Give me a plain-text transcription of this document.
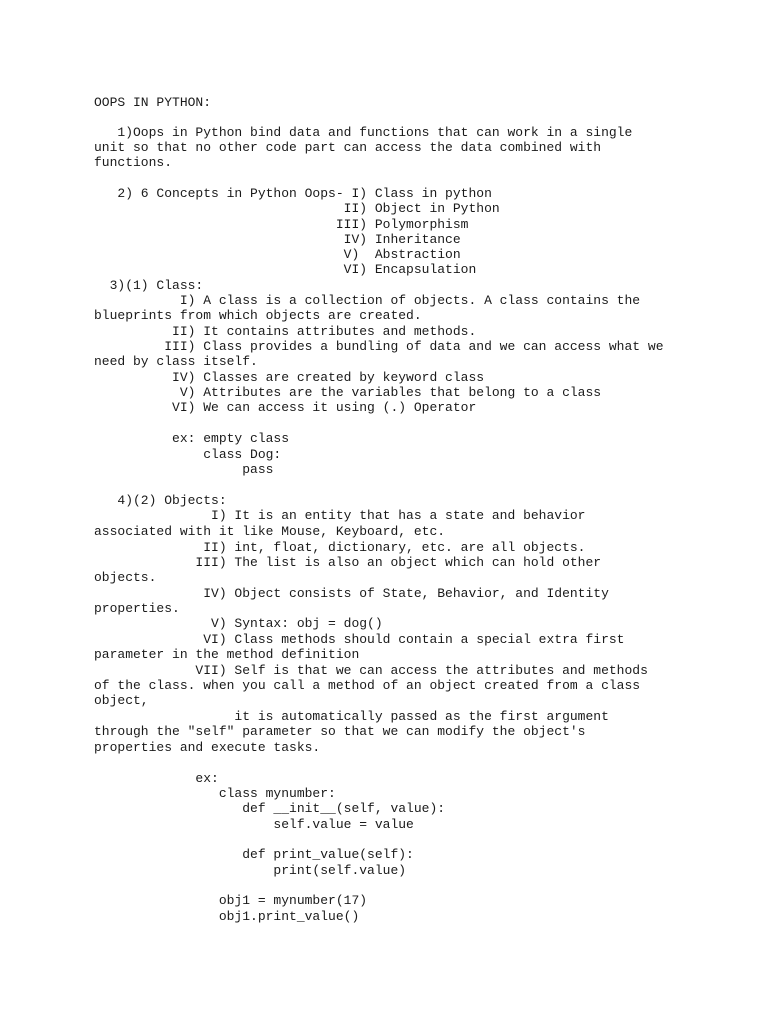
OOPS IN PYTHON:

1)Oops in Python bind data and functions that can work in a single

unit so that no other code part can access the data combined with

functions.

2) 6 Concepts in Python Oops- I) Class in python

II) Object in Python

III) Polymorphism

IV) Inheritance

V)  Abstraction

VI) Encapsulation

3)(1) Class:

I) A class is a collection of objects. A class contains the

blueprints from which objects are created.

II) It contains attributes and methods.

III) Class provides a bundling of data and we can access what we

need by class itself.

IV) Classes are created by keyword class

V) Attributes are the variables that belong to a class

VI) We can access it using (.) Operator

ex: empty class

class Dog:

pass

4)(2) Objects:

I) It is an entity that has a state and behavior

associated with it like Mouse, Keyboard, etc.

II) int, float, dictionary, etc. are all objects.

III) The list is also an object which can hold other

objects.

IV) Object consists of State, Behavior, and Identity

properties.

V) Syntax: obj = dog()

VI) Class methods should contain a special extra first

parameter in the method definition

VII) Self is that we can access the attributes and methods

of the class. when you call a method of an object created from a class

object,

it is automatically passed as the first argument

through the "self" parameter so that we can modify the object's

properties and execute tasks.

ex:

class mynumber:

def __init__(self, value):

self.value = value

def print_value(self):

print(self.value)

obj1 = mynumber(17)

obj1.print_value()
